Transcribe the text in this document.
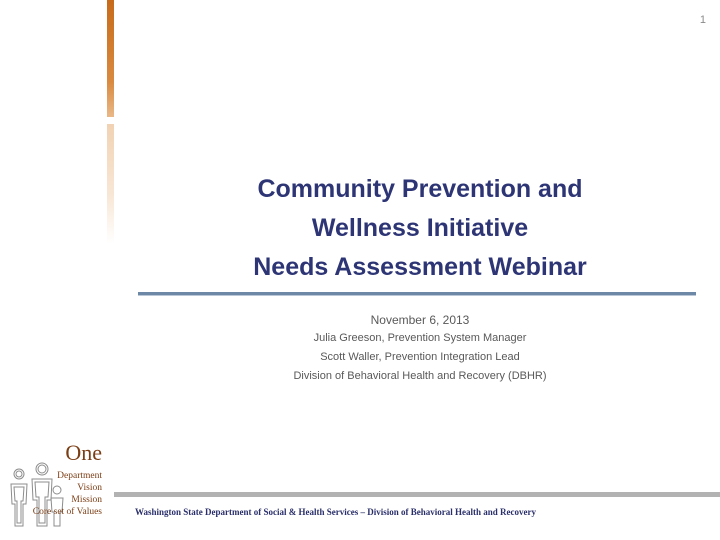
1
Community Prevention and
Wellness Initiative
Needs Assessment Webinar
November 6, 2013
Julia Greeson, Prevention System Manager
Scott Waller, Prevention Integration Lead
Division of Behavioral Health and Recovery (DBHR)
One
Department
Vision
Mission
Core set of Values	Washington State Department of Social & Health Services – Division of Behavioral Health and Recovery
